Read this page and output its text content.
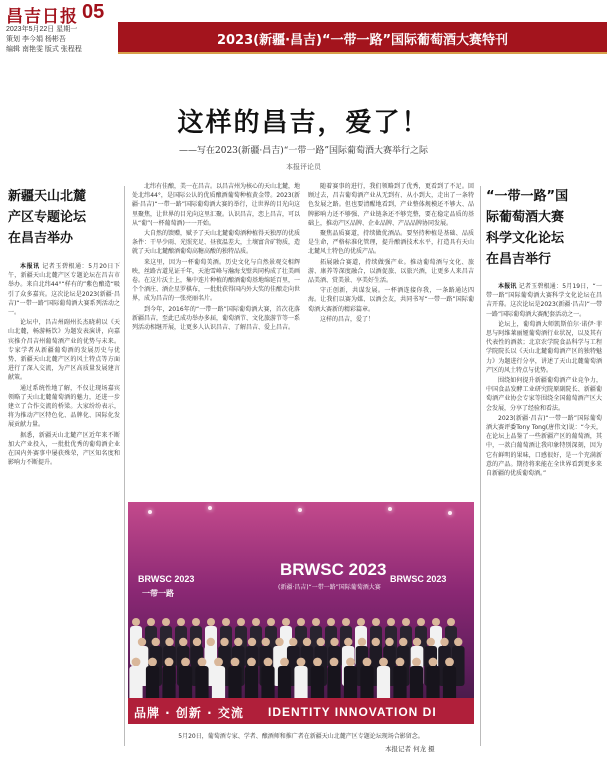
昌吉日报 05
2023年5月22日 星期一
策划 李今娟 杨彬吾
编辑 南艳雯 版式 张程程
2023(新疆·昌吉)“一带一路”国际葡萄酒大赛特刊
这样的昌吉，爱了！
——写在2023(新疆·昌吉)“一带一路”国际葡萄酒大赛举行之际
本报评论员
新疆天山北麓
产区专题论坛
在昌吉举办

本报讯 记者玉碧根通：5月20日下午，新疆天山北麓产区专题论坛在昌吉市举办。来自北纬44°“样有的”紫色酿造“吸引了众多嘉宾。这次论坛是2023(新疆·昌吉)“一带一路”国际葡萄酒大赛系列活动之一。

论坛中，昌吉州副州长杰晓莉以《天山北麓，畅游畅饮》为题发表演讲，向嘉宾推介昌吉州葡萄酒产业的优势与未来。专家学者从新疆葡萄酒的发展历史与优势、新疆天山北麓产区的风土特点等方面进行了深入交流，为产区高质量发展建言献策。

通过系统性地了解，不仅让现场嘉宾领略了天山北麓葡萄酒的魅力，还进一步建立了合作交流的桥梁。大家纷纷表示，将为推动产区特色化、品牌化、国际化发展贡献力量。

据悉，新疆天山北麓产区近年来不断加大产业投入，一批批优秀的葡萄酒企业在国内外赛事中屡获殊荣，产区知名度和影响力不断提升。

北纬有佳酿，美一在昌吉。以昌吉州为核心的天山北麓，地处北纬44°，是国际公认的优质酿酒葡萄种植黄金带。2023(新疆·昌吉)“一带一路”国际葡萄酒大赛的举行，让世界的目光向这里聚焦，让世界的目光向这里汇聚。认识昌吉，恋上昌吉，可以从“葡”(一杯葡萄酒)一一开始。

大自然的馈赠，赋予了天山北麓葡萄酒种植得天独厚的优质条件：干旱少雨、光照充足、昼夜温差大，土壤富含矿物质，造就了天山北麓酿酒葡萄高糖高酸的独特品质。

来这里，因为一杯葡萄美酒。历史文化与自然景观交相辉映，丝路古道见证千年，天池雪峰与瀚海戈壁共同构成了壮美画卷。在这片沃土上，集中连片种植的酿酒葡萄基地绵延百里，一个个酒庄、酒企星罗棋布，一批批获得国内外大奖的佳酿走向世界，成为昌吉的一张亮丽名片。

到今年，2016年的“一带一路”国际葡萄酒大赛，首次花落新疆昌吉，至此已成功举办多届，葡萄酒节、文化旅游节等一系列活动相继开展，让更多人认识昌吉、了解昌吉、爱上昌吉。

随着赛事的进行，我们领略到了优秀，更看到了不足。回顾过去，昌吉葡萄酒产业从无到有、从小到大，走出了一条特色发展之路。但也要清醒地看到，产业整体规模还不够大、品牌影响力还不够强、产业链条还不够完整，要在稳定品质的基础上，推动产区品牌、企业品牌、产品品牌协同发展。

聚焦品质赛道，持续做优酒品。要坚持种植是基础、品质是生命，严格标准化管理，提升酿酒技术水平，打造具有天山北麓风土特色的优质产品。

拓展融合赛道，持续做强产业。推动葡萄酒与文化、旅游、康养等深度融合，以酒促旅、以旅兴酒，让更多人来昌吉品美酒、赏美景、享美好生活。

守正创新，共谋发展。一杯酒连接你我，一条路通达四海。让我们以赛为媒、以酒会友，共同书写“一带一路”国际葡萄酒大赛新的精彩篇章。

这样的昌吉，爱了！

“一带一路”国
际葡萄酒大赛
科学文化论坛
在昌吉举行

本报讯 记者玉碧根通：5月19日，“一带一路”国际葡萄酒大赛科学文化论坛在昌吉开幕。这次论坛是2023(新疆·昌吉)“一带一路”国际葡萄酒大赛配套活动之一。

论坛上，葡萄酒大师凯斯伯尔·诺伊·菲思与阿维莱丽娅葡萄酒行业状况，以及其有代表性的酒款；北京农学院食品科学与工程学院院长以《天山北麓葡萄酒产区的独特魅力》为题进行分享，讲述了天山北麓葡萄酒产区的风土特点与优势。

围绕如何提升新疆葡萄酒产业竞争力，中国食品发酵工业研究院原副院长、新疆葡萄酒产业协会专家等围绕全国葡萄酒产区大会发展，分享了经验和看法。

2023(新疆·昌吉)“一带一路”国际葡萄酒大赛评委Tony Tong(唐伟文)说：“今天，在论坛上品鉴了一些新疆产区的葡萄酒，其中，一款白葡萄酒让我印象特别深刻，因为它有鲜明的果味，口感很好，是一个充满新意的产品。期待将来能在全世界看到更多来自新疆的优质葡萄酒。”

BRWSC 2023
一带一路
BRWSC 2023
(新疆·昌吉)“一带一路”国际葡萄酒大赛
BRWSC 2023
品牌 · 创新 · 交流 IDENTITY INNOVATION DI
5月20日，葡萄酒专家、学者、酿酒师和推广者在新疆天山北麓产区专题论坛现场合影留念。
本报记者 何龙 摄
